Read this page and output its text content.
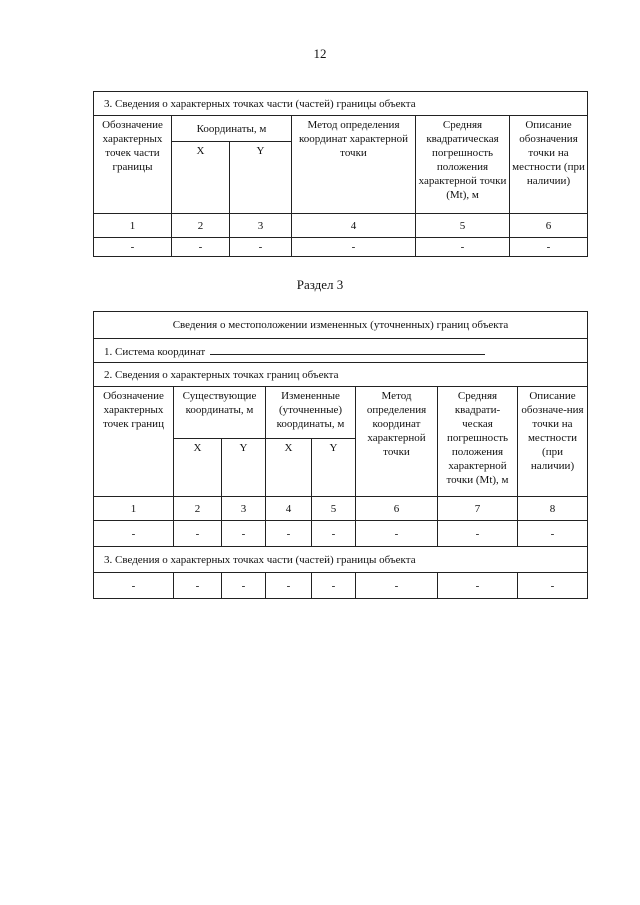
12
3. Сведения о характерных точках части (частей) границы объекта					
Обозначение характерных точек части границы	Координаты, м		Метод определения координат характерной точки	Средняя квадратическая погрешность положения характерной точки (Mt), м	Описание обозначения точки на местности (при наличии)
	X	Y			
1	2	3	4	5	6
-	-	-	-	-	-
Раздел 3
Сведения о местоположении измененных (уточненных) границ объекта							
1. Система координат							
2. Сведения о характерных точках границ объекта							
Обозначение характерных точек границ	Существующие координаты, м		Измененные (уточненные) координаты, м		Метод определения координат характерной точки	Средняя квадрати-ческая погрешность положения характерной точки (Mt), м	Описание обозначе-ния точки на местности (при наличии)
	X	Y	X	Y			
1	2	3	4	5	6	7	8
-	-	-	-	-	-	-	-
3. Сведения о характерных точках части (частей) границы объекта							
-	-	-	-	-	-	-	-
